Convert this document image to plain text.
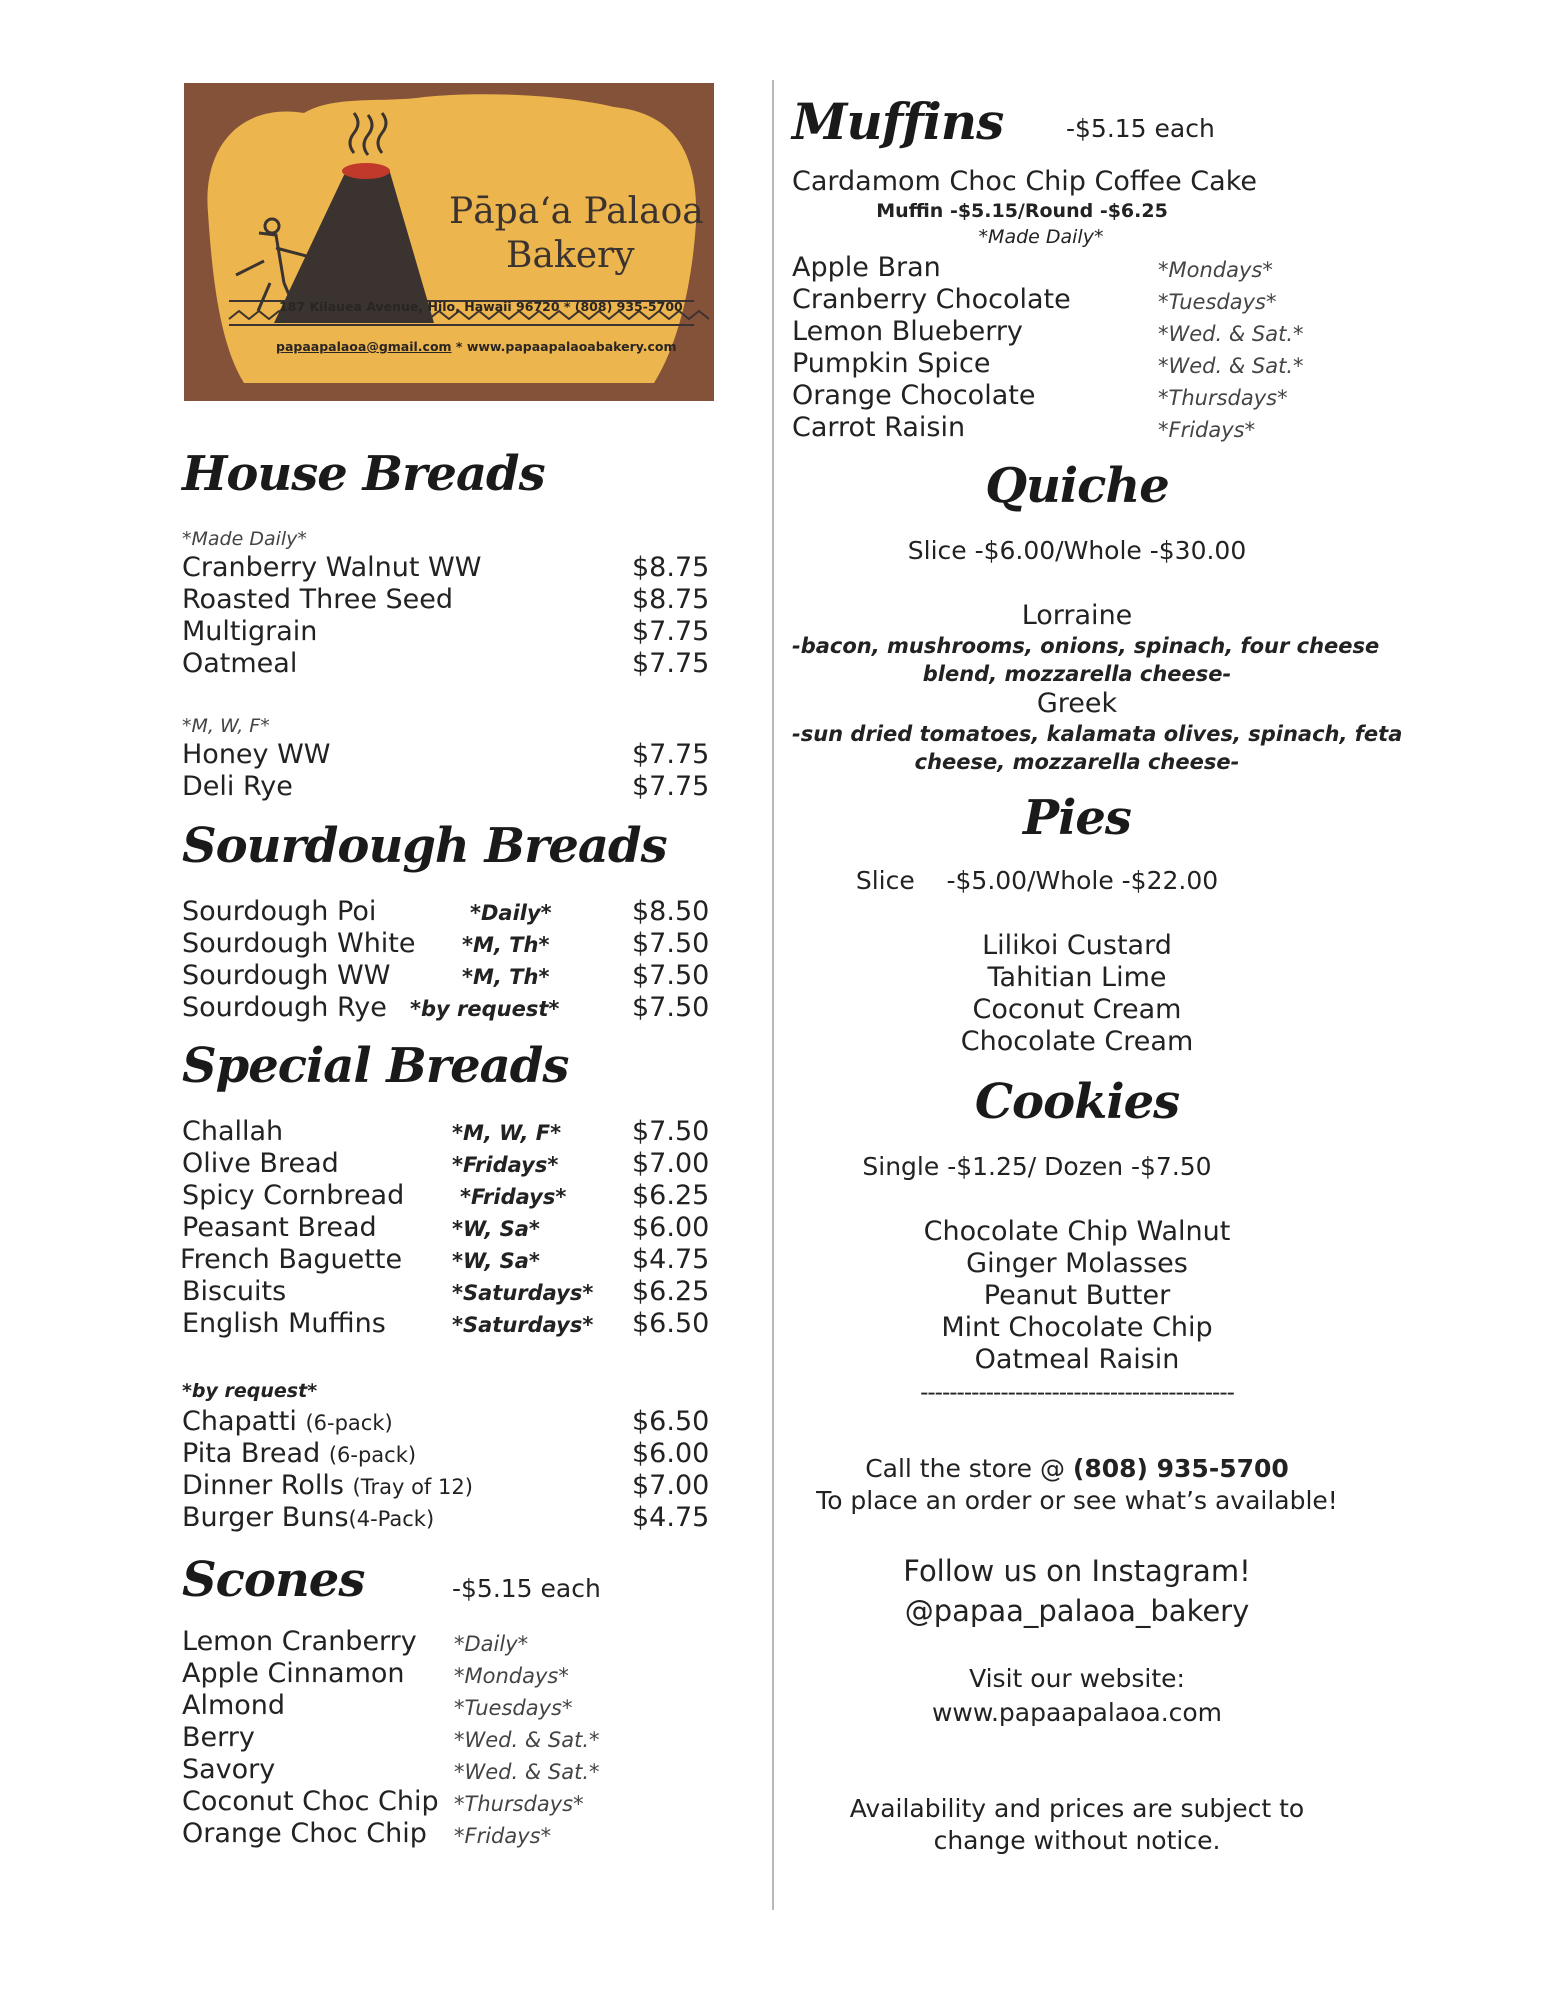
Pāpa‘a Palaoa
Bakery
187 Kilauea Avenue, Hilo, Hawaii 96720 * (808) 935-5700
papaapalaoa@gmail.com * www.papaapalaoabakery.com
House Breads
*Made Daily*
Cranberry Walnut WW	$8.75
Roasted Three Seed	$8.75
Multigrain	$7.75
Oatmeal	$7.75
*M, W, F*
Honey WW	$7.75
Deli Rye	$7.75
Sourdough Breads
Sourdough Poi	*Daily*	$8.50
Sourdough White *M, Th*	$7.50
Sourdough WW	*M, Th*	$7.50
Sourdough Rye *by request*	$7.50
Special Breads
Challah	*M, W, F*	$7.50
Olive Bread	*Fridays*	$7.00
Spicy Cornbread	*Fridays* $6.25
Peasant Bread	*W, Sa*	$6.00
French Baguette *W, Sa*	$4.75
Biscuits	*Saturdays* $6.25
English Muffins	*Saturdays* $6.50
*by request*
Chapatti (6-pack)	$6.50
Pita Bread (6-pack)	$6.00
Dinner Rolls (Tray of 12)	$7.00
Burger Buns(4-Pack)	$4.75
Scones	-$5.15 each
Lemon Cranberry *Daily*
Apple Cinnamon *Mondays*
Almond	*Tuesdays*
Berry	*Wed. & Sat.*
Savory	*Wed. & Sat.*
Coconut Choc Chip *Thursdays*
Orange Choc Chip *Fridays*
Muffins	-$5.15 each
Cardamom Choc Chip Coffee Cake
Muffin -$5.15/Round -$6.25
*Made Daily*
Apple Bran	*Mondays*
Cranberry Chocolate	*Tuesdays*
Lemon Blueberry	*Wed. & Sat.*
Pumpkin Spice	*Wed. & Sat.*
Orange Chocolate	*Thursdays*
Carrot Raisin	*Fridays*
Quiche
Slice -$6.00/Whole -$30.00
Lorraine
-bacon, mushrooms, onions, spinach, four cheese
blend, mozzarella cheese-
Greek
-sun dried tomatoes, kalamata olives, spinach, feta
cheese, mozzarella cheese-
Pies
Slice    -$5.00/Whole -$22.00
Lilikoi Custard
Tahitian Lime
Coconut Cream
Chocolate Cream
Cookies
Single -$1.25/ Dozen -$7.50
Chocolate Chip Walnut
Ginger Molasses
Peanut Butter
Mint Chocolate Chip
Oatmeal Raisin
-------------------------------------------
Call the store @ (808) 935-5700
To place an order or see what’s available!
Follow us on Instagram!
@papaa_palaoa_bakery
Visit our website:
www.papaapalaoa.com
Availability and prices are subject to
change without notice.
